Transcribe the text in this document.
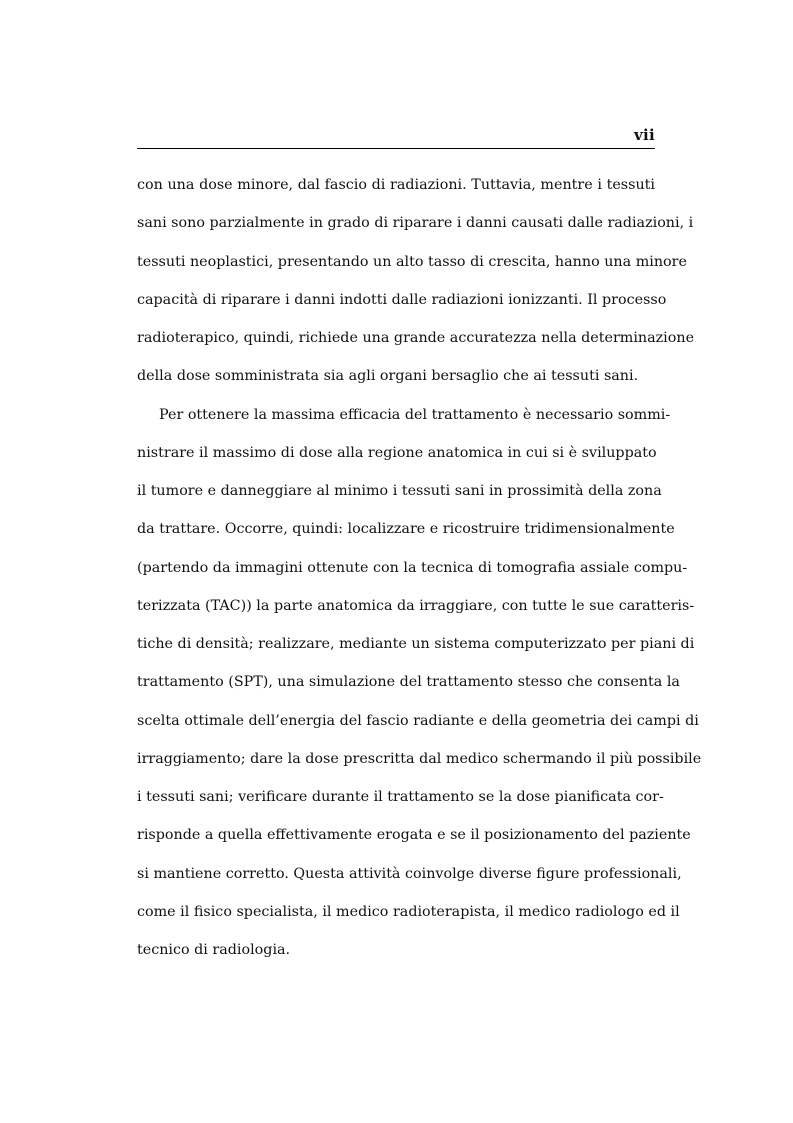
vii
con una dose minore, dal fascio di radiazioni. Tuttavia, mentre i tessuti
sani sono parzialmente in grado di riparare i danni causati dalle radiazioni, i
tessuti neoplastici, presentando un alto tasso di crescita, hanno una minore
capacità di riparare i danni indotti dalle radiazioni ionizzanti. Il processo
radioterapico, quindi, richiede una grande accuratezza nella determinazione
della dose somministrata sia agli organi bersaglio che ai tessuti sani.
Per ottenere la massima efficacia del trattamento è necessario sommi-
nistrare il massimo di dose alla regione anatomica in cui si è sviluppato
il tumore e danneggiare al minimo i tessuti sani in prossimità della zona
da trattare. Occorre, quindi: localizzare e ricostruire tridimensionalmente
(partendo da immagini ottenute con la tecnica di tomografia assiale compu-
terizzata (TAC)) la parte anatomica da irraggiare, con tutte le sue caratteris-
tiche di densità; realizzare, mediante un sistema computerizzato per piani di
trattamento (SPT), una simulazione del trattamento stesso che consenta la
scelta ottimale dell’energia del fascio radiante e della geometria dei campi di
irraggiamento; dare la dose prescritta dal medico schermando il più possibile
i tessuti sani; verificare durante il trattamento se la dose pianificata cor-
risponde a quella effettivamente erogata e se il posizionamento del paziente
si mantiene corretto. Questa attività coinvolge diverse figure professionali,
come il fisico specialista, il medico radioterapista, il medico radiologo ed il
tecnico di radiologia.
